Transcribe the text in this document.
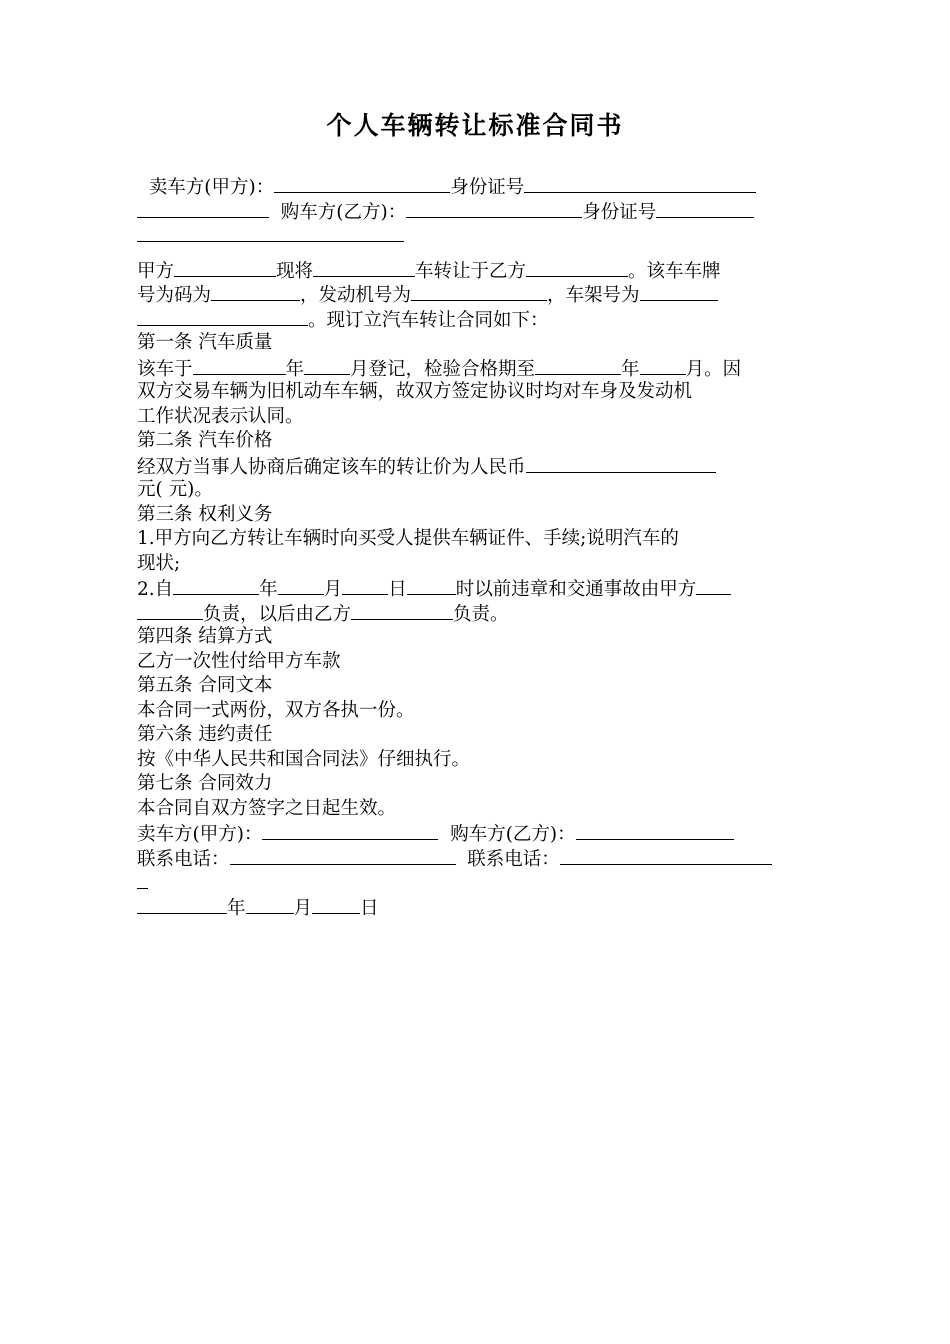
个人车辆转让标准合同书
卖车方(甲方)：	身份证号
购车方(乙方)：	身份证号
甲方	现将	车转让于乙方	。该车车牌
号为码为	，发动机号为	，车架号为
。现订立汽车转让合同如下：
第一条 汽车质量
该车于	年 月登记，检验合格期至	年 月。因
双方交易车辆为旧机动车车辆，故双方签定协议时均对车身及发动机
工作状况表示认同。
第二条 汽车价格
经双方当事人协商后确定该车的转让价为人民币
元( 元)。
第三条 权利义务
1.甲方向乙方转让车辆时向买受人提供车辆证件、手续;说明汽车的
现状;
2.自	年 月 日	时以前违章和交通事故由甲方
负责，以后由乙方	负责。
第四条 结算方式
乙方一次性付给甲方车款
第五条 合同文本
本合同一式两份，双方各执一份。
第六条 违约责任
按《中华人民共和国合同法》仔细执行。
第七条 合同效力
本合同自双方签字之日起生效。
卖车方(甲方)：	购车方(乙方)：
联系电话：	联系电话：
年	月	日
